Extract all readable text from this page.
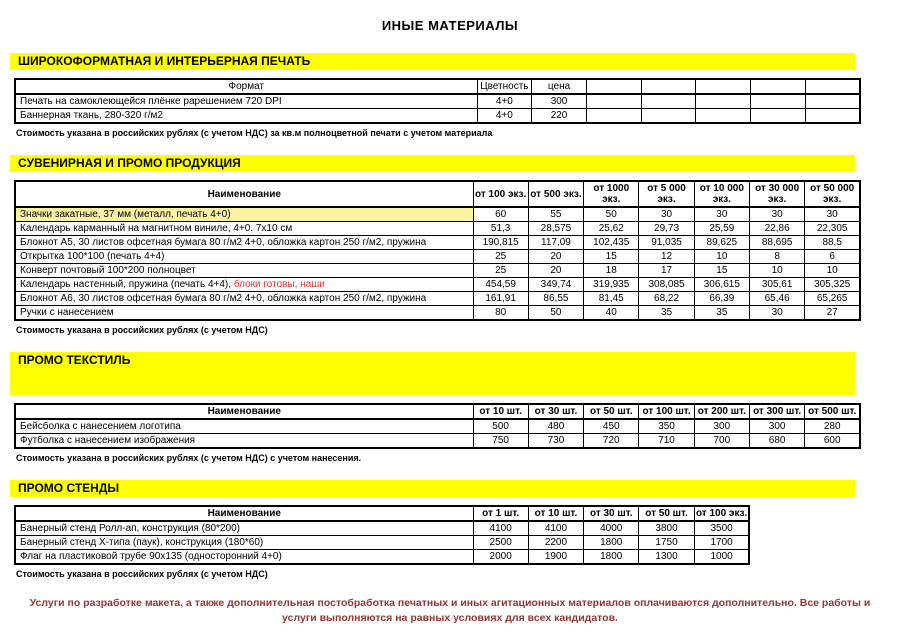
ИНЫЕ МАТЕРИАЛЫ
ШИРОКОФОРМАТНАЯ И ИНТЕРЬЕРНАЯ ПЕЧАТЬ
Формат	Цветность	цена					
Печать на самоклеющейся плёнке рарешением 720 DPI	4+0	300					
Баннерная ткань, 280-320 г/м2	4+0	220					
Стоимость указана в российских рублях (с учетом НДС) за кв.м полноцветной печати с учетом материала
СУВЕНИРНАЯ И ПРОМО ПРОДУКЦИЯ
Наименование	от 100 экз.	от 500 экз.	от 1000 экз.	от 5 000 экз.	от 10 000 экз.	от 30 000 экз.	от 50 000 экз.
Значки закатные, 37 мм (металл, печать 4+0)	60	55	50	30	30	30	30
Календарь карманный на магнитном виниле, 4+0. 7x10 см	51,3	28,575	25,62	29,73	25,59	22,86	22,305
Блокнот А5, 30 листов офсетная бумага 80 г/м2 4+0, обложка картон 250 г/м2, пружина	190,815	117,09	102,435	91,035	89,625	88,695	88,5
Открытка 100*100 (печать 4+4)	25	20	15	12	10	8	6
Конверт почтовый 100*200 полноцвет	25	20	18	17	15	10	10
Календарь настенный, пружина (печать 4+4), блоки готовы, наши	454,59	349,74	319,935	308,085	306,615	305,61	305,325
Блокнот А6, 30 листов офсетная бумага 80 г/м2 4+0, обложка картон 250 г/м2, пружина	161,91	86,55	81,45	68,22	66,39	65,46	65,265
Ручки с нанесением	80	50	40	35	35	30	27
Стоимость указана в российских рублях (с учетом НДС)
ПРОМО ТЕКСТИЛЬ
Наименование	от 10 шт.	от 30 шт.	от 50 шт.	от 100 шт.	от 200 шт.	от 300 шт.	от 500 шт.
Бейсболка с нанесением логотипа	500	480	450	350	300	300	280
Футболка с нанесением изображения	750	730	720	710	700	680	600
Стоимость указана в российских рублях (с учетом НДС) с учетом нанесения.
ПРОМО СТЕНДЫ
Наименование	от 1 шт.	от 10 шт.	от 30 шт.	от 50 шт.	от 100 экз.
Банерный стенд Ролл-ап, конструкция (80*200)	4100	4100	4000	3800	3500
Банерный стенд X-типа (паук), конструкция (180*60)	2500	2200	1800	1750	1700
Флаг на пластиковой трубе 90x135 (односторонний 4+0)	2000	1900	1800	1300	1000
Стоимость указана в российских рублях (с учетом НДС)
Услуги по разработке макета, а также дополнительная постобработка печатных и иных агитационных материалов оплачиваются дополнительно. Все работы и услуги выполняются на равных условиях для всех кандидатов.
